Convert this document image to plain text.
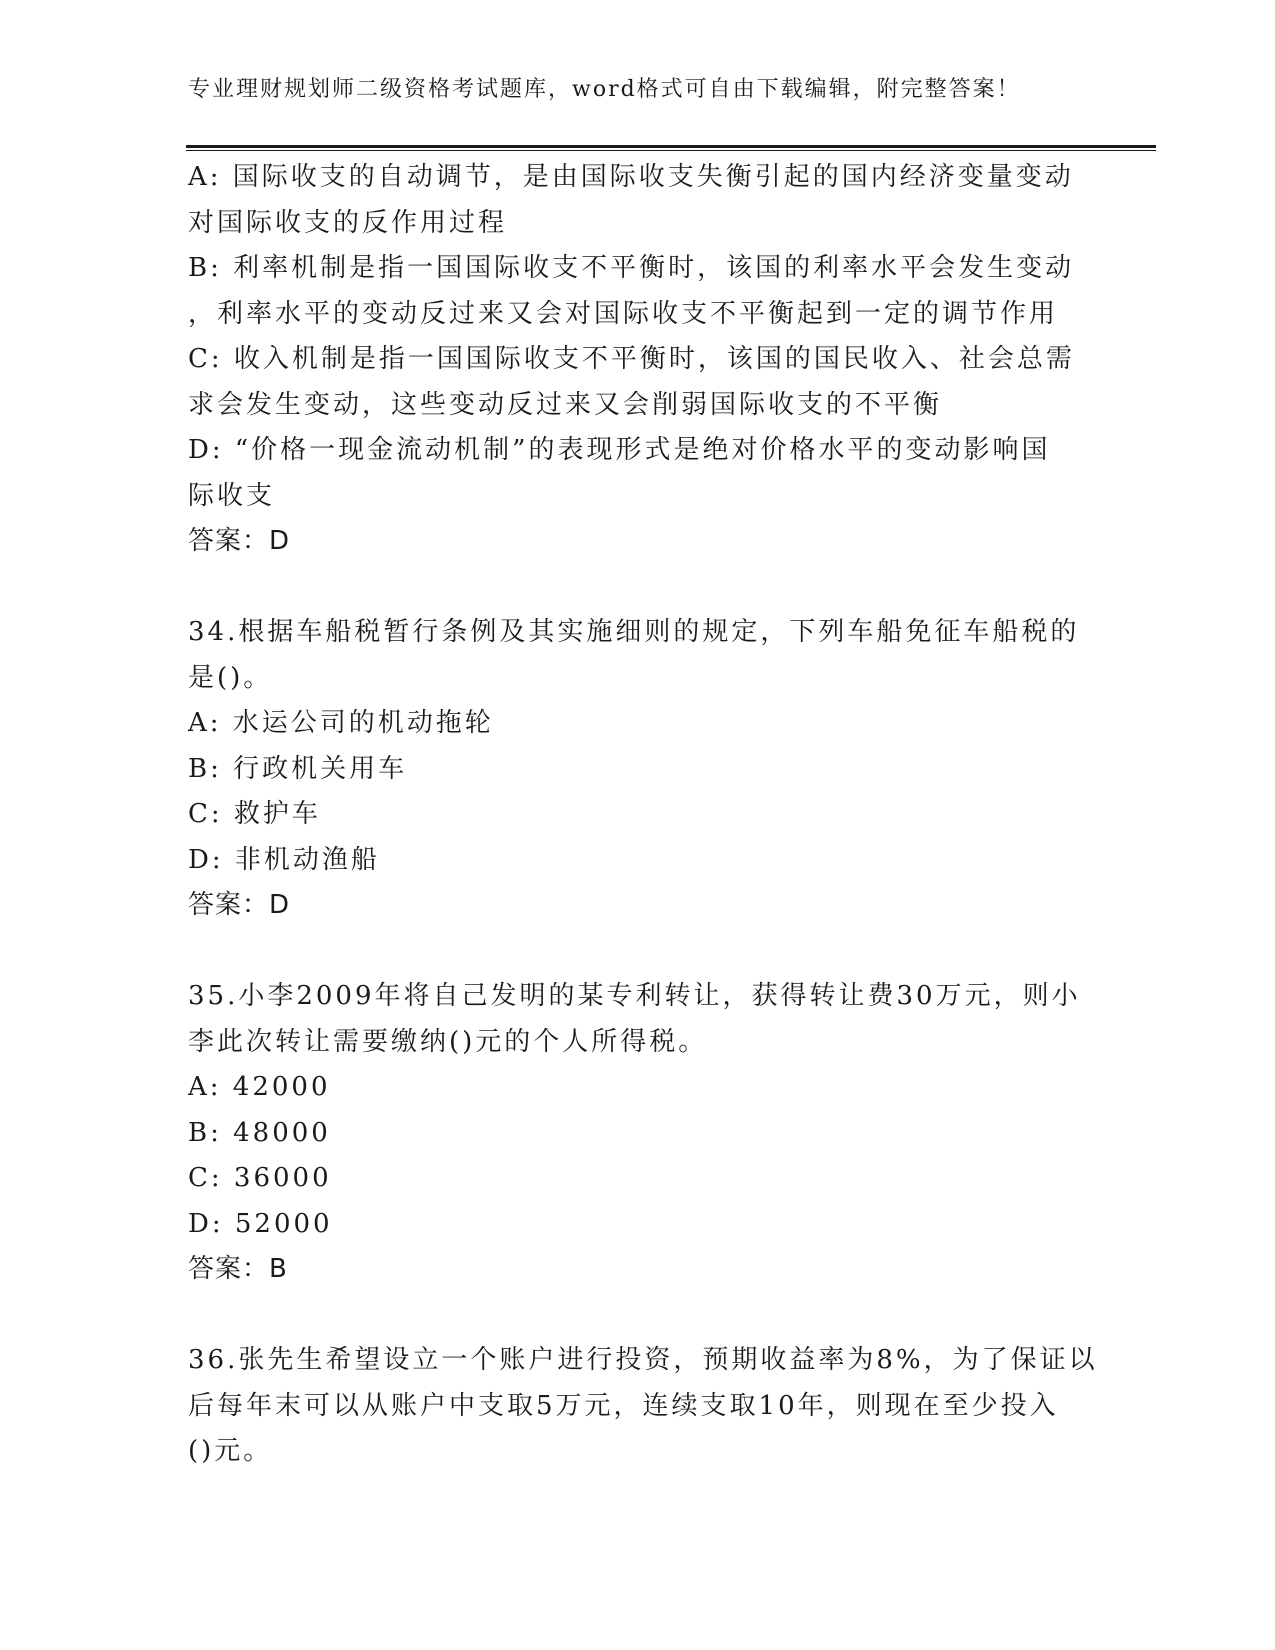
专业理财规划师二级资格考试题库，word格式可自由下载编辑，附完整答案！
A: 国际收支的自动调节，是由国际收支失衡引起的国内经济变量变动
对国际收支的反作用过程
B: 利率机制是指一国国际收支不平衡时，该国的利率水平会发生变动
，利率水平的变动反过来又会对国际收支不平衡起到一定的调节作用
C: 收入机制是指一国国际收支不平衡时，该国的国民收入、社会总需
求会发生变动，这些变动反过来又会削弱国际收支的不平衡
D: “价格一现金流动机制”的表现形式是绝对价格水平的变动影响国
际收支
答案：D
34.根据车船税暂行条例及其实施细则的规定，下列车船免征车船税的
是()。
A: 水运公司的机动拖轮
B: 行政机关用车
C: 救护车
D: 非机动渔船
答案：D
35.小李2009年将自己发明的某专利转让，获得转让费30万元，则小
李此次转让需要缴纳()元的个人所得税。
A: 42000
B: 48000
C: 36000
D: 52000
答案：B
36.张先生希望设立一个账户进行投资，预期收益率为8%，为了保证以
后每年末可以从账户中支取5万元，连续支取10年，则现在至少投入
()元。
